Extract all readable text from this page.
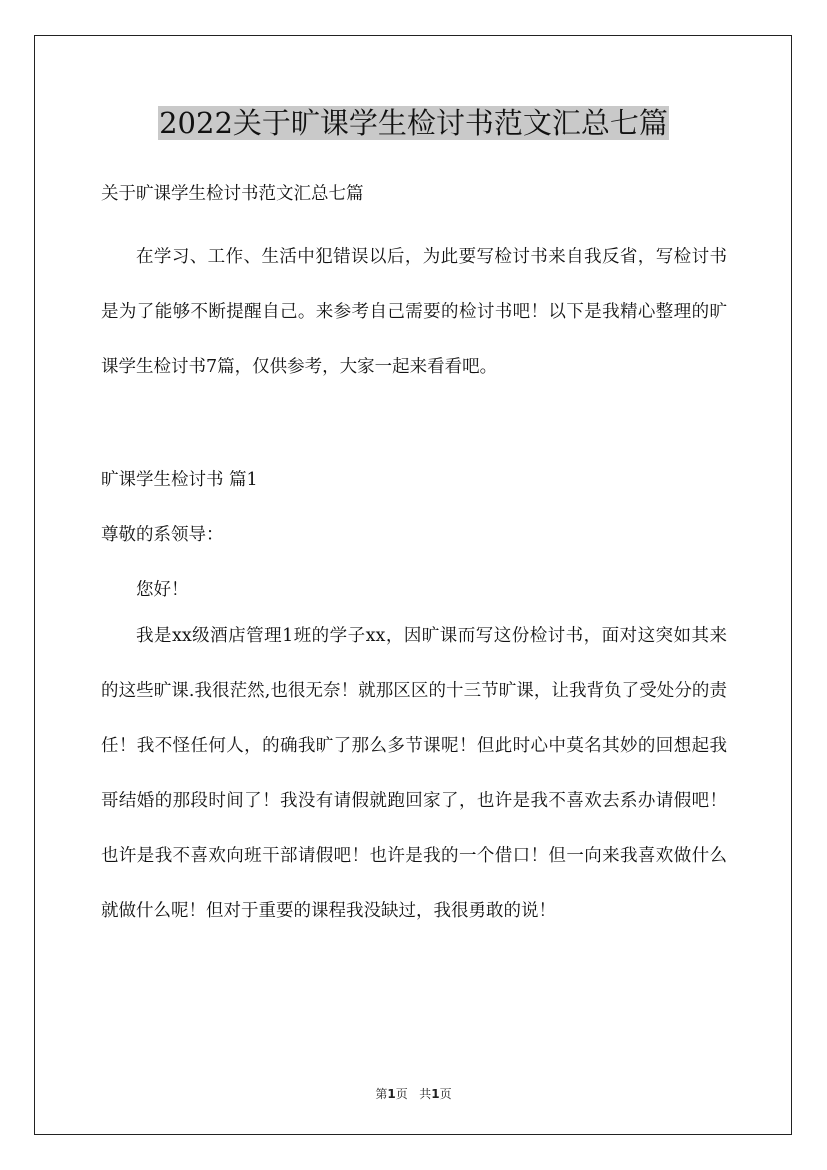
2022关于旷课学生检讨书范文汇总七篇
关于旷课学生检讨书范文汇总七篇

在学习、工作、生活中犯错误以后，为此要写检讨书来自我反省，写检讨书是为了能够不断提醒自己。来参考自己需要的检讨书吧！以下是我精心整理的旷课学生检讨书7篇，仅供参考，大家一起来看看吧。

旷课学生检讨书 篇1
尊敬的系领导：
您好！

我是xx级酒店管理1班的学子xx，因旷课而写这份检讨书，面对这突如其来的这些旷课.我很茫然,也很无奈！就那区区的十三节旷课，让我背负了受处分的责任！我不怪任何人，的确我旷了那么多节课呢！但此时心中莫名其妙的回想起我哥结婚的那段时间了！我没有请假就跑回家了，也许是我不喜欢去系办请假吧！也许是我不喜欢向班干部请假吧！也许是我的一个借口！但一向来我喜欢做什么就做什么呢！但对于重要的课程我没缺过，我很勇敢的说！

第1页 共1页
